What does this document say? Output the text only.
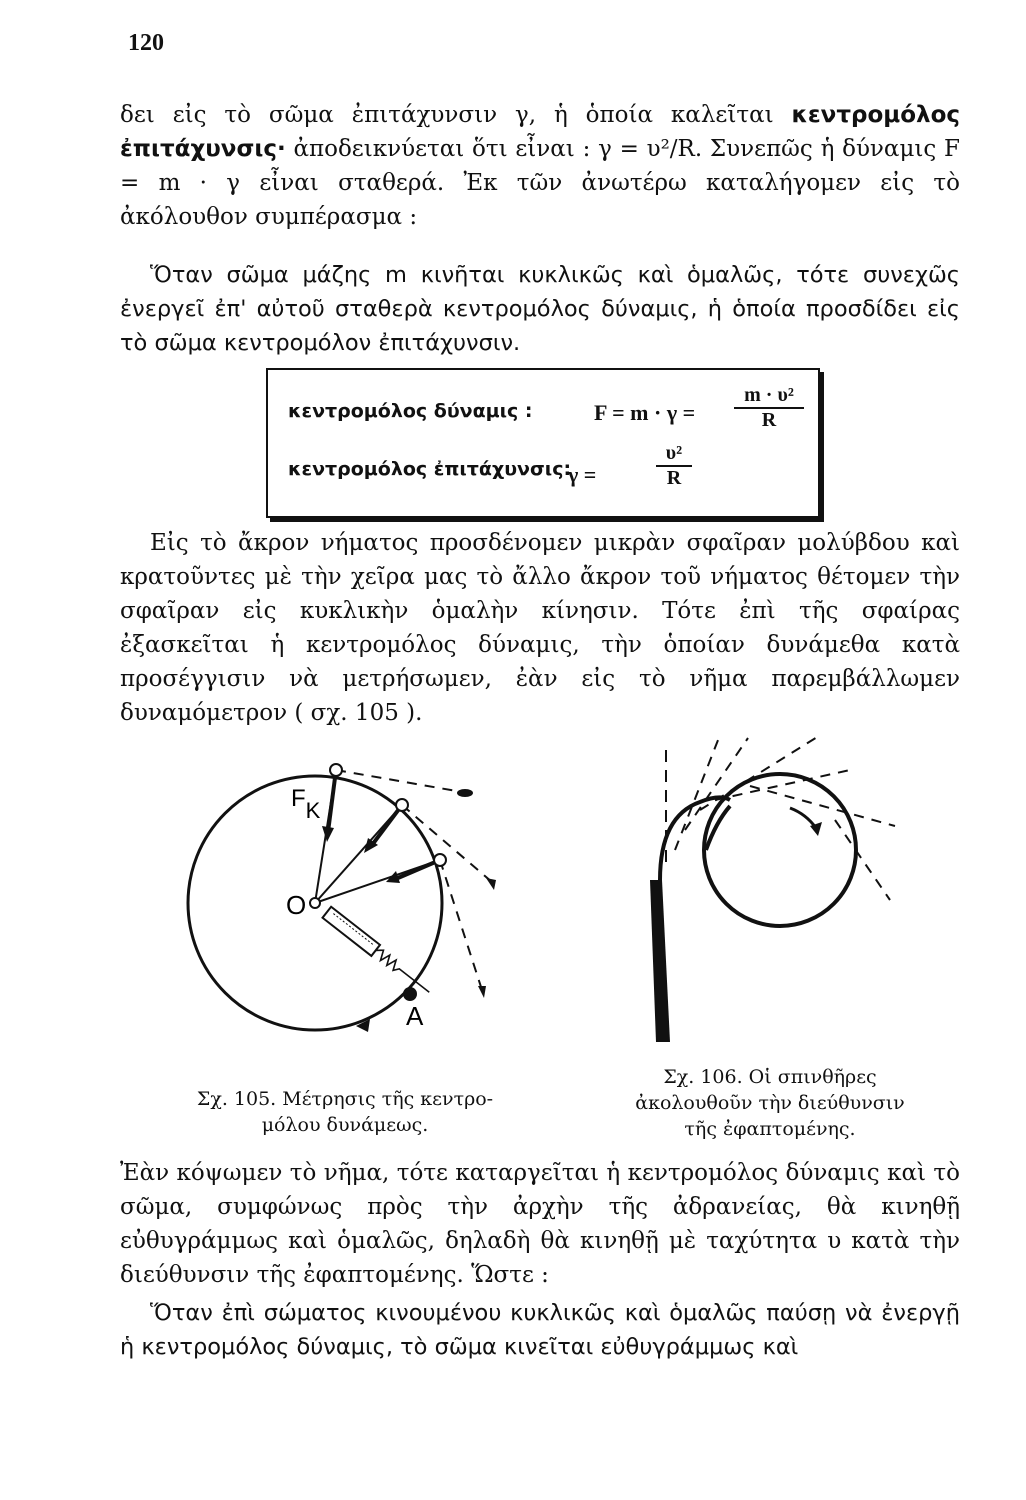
120

δει εἰς τὸ σῶμα ἐπιτάχυνσιν γ, ἡ ὁποία καλεῖται κεντρομόλος ἐπιτάχυνσις· ἀποδεικνύεται ὅτι εἶναι : γ = υ²/R. Συνεπῶς ἡ δύναμις F = m · γ εἶναι σταθερά. Ἐκ τῶν ἀνωτέρω καταλήγομεν εἰς τὸ ἀκόλουθον συμπέρασμα :

Ὅταν σῶμα μάζης m κινῆται κυκλικῶς καὶ ὁμαλῶς, τότε συνεχῶς ἐνεργεῖ ἐπ' αὐτοῦ σταθερὰ κεντρομόλος δύναμις, ἡ ὁποία προσδίδει εἰς τὸ σῶμα κεντρομόλον ἐπιτάχυνσιν.

κεντρομόλος δύναμις :	$F = m \cdot \gamma = \frac{\text{m · υ²}}{R}$
κεντρομόλος ἐπιτάχυνσις:
γ =	$\frac{\text{υ²}}{R}$

Εἰς τὸ ἄκρον νήματος προσδένομεν μικρὰν σφαῖραν μολύβδου καὶ κρατοῦντες μὲ τὴν χεῖρα μας τὸ ἄλλο ἄκρον τοῦ νήματος θέτομεν τὴν σφαῖραν εἰς κυκλικὴν ὁμαλὴν κίνησιν. Τότε ἐπὶ τῆς σφαίρας ἐξασκεῖται ἡ κεντρομόλος δύναμις, τὴν ὁποίαν δυνάμεθα κατὰ προσέγγισιν νὰ μετρήσωμεν, ἐὰν εἰς τὸ νῆμα παρεμβάλλωμεν δυναμόμετρον ( σχ. 105 ).

FK
O
A
Σχ. 105. Μέτρησις τῆς κεντρο-
μόλου δυνάμεως.
Σχ. 106. Οἱ σπινθῆρες
ἀκολουθοῦν τὴν διεύθυνσιν
τῆς ἐφαπτομένης.

Ἐὰν κόψωμεν τὸ νῆμα, τότε καταργεῖται ἡ κεντρομόλος δύναμις καὶ τὸ σῶμα, συμφώνως πρὸς τὴν ἀρχὴν τῆς ἀδρανείας, θὰ κινηθῇ εὐθυγράμμως καὶ ὁμαλῶς, δηλαδὴ θὰ κινηθῇ μὲ ταχύτητα υ κατὰ τὴν διεύθυνσιν τῆς ἐφαπτομένης. Ὥστε :

Ὅταν ἐπὶ σώματος κινουμένου κυκλικῶς καὶ ὁμαλῶς παύσῃ νὰ ἐνεργῇ ἡ κεντρομόλος δύναμις, τὸ σῶμα κινεῖται εὐθυγράμμως καὶ
